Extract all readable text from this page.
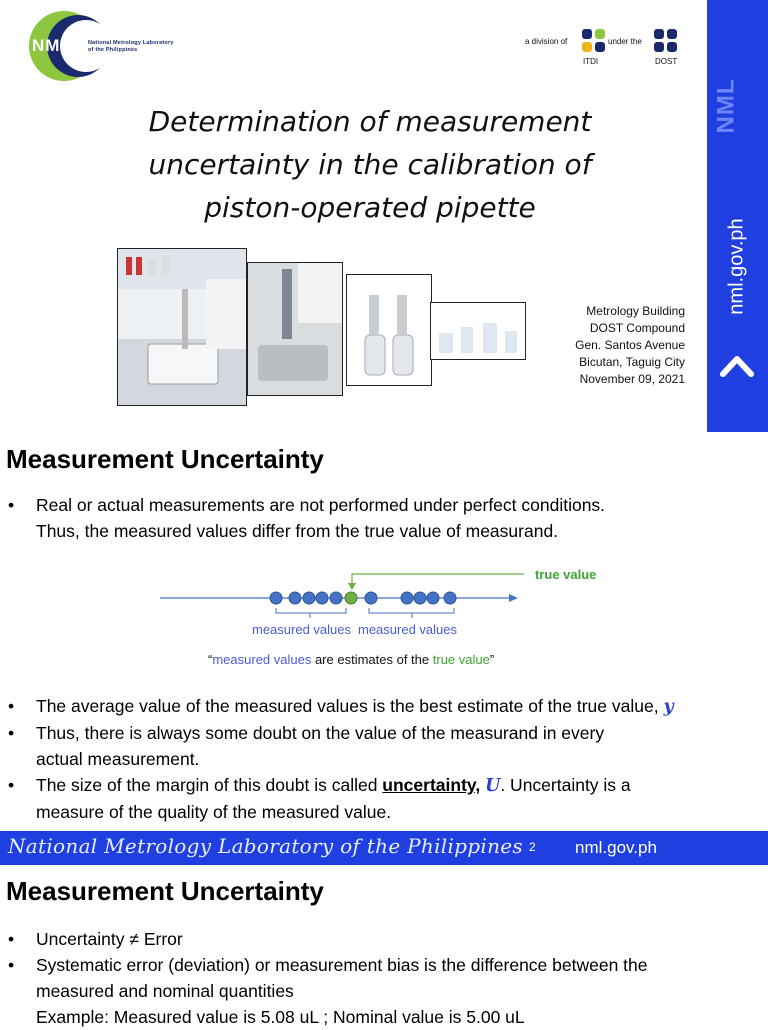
NML	National Metrology Laboratory
of the Philippines
a division of
ITDI
under the
DOST
Determination of measurement
uncertainty in the calibration of
piston-operated pipette
Metrology Building
DOST Compound
Gen. Santos Avenue
Bicutan, Taguig City
November 09, 2021
NML
nml.gov.ph
Measurement Uncertainty
• Real or actual measurements are not performed under perfect conditions.
Thus, the measured values differ from the true value of measurand.
true value
measured values measured values
“measured values are estimates of the true value”
• The average value of the measured values is the best estimate of the true value, y
• Thus, there is always some doubt on the value of the measurand in every
actual measurement.
• The size of the margin of this doubt is called uncertainty, U. Uncertainty is a
measure of the quality of the measured value.
National Metrology Laboratory of the Philippines 2 nml.gov.ph
Measurement Uncertainty
• Uncertainty ≠ Error
• Systematic error (deviation) or measurement bias is the difference between the
measured and nominal quantities
Example: Measured value is 5.08 uL ; Nominal value is 5.00 uL
